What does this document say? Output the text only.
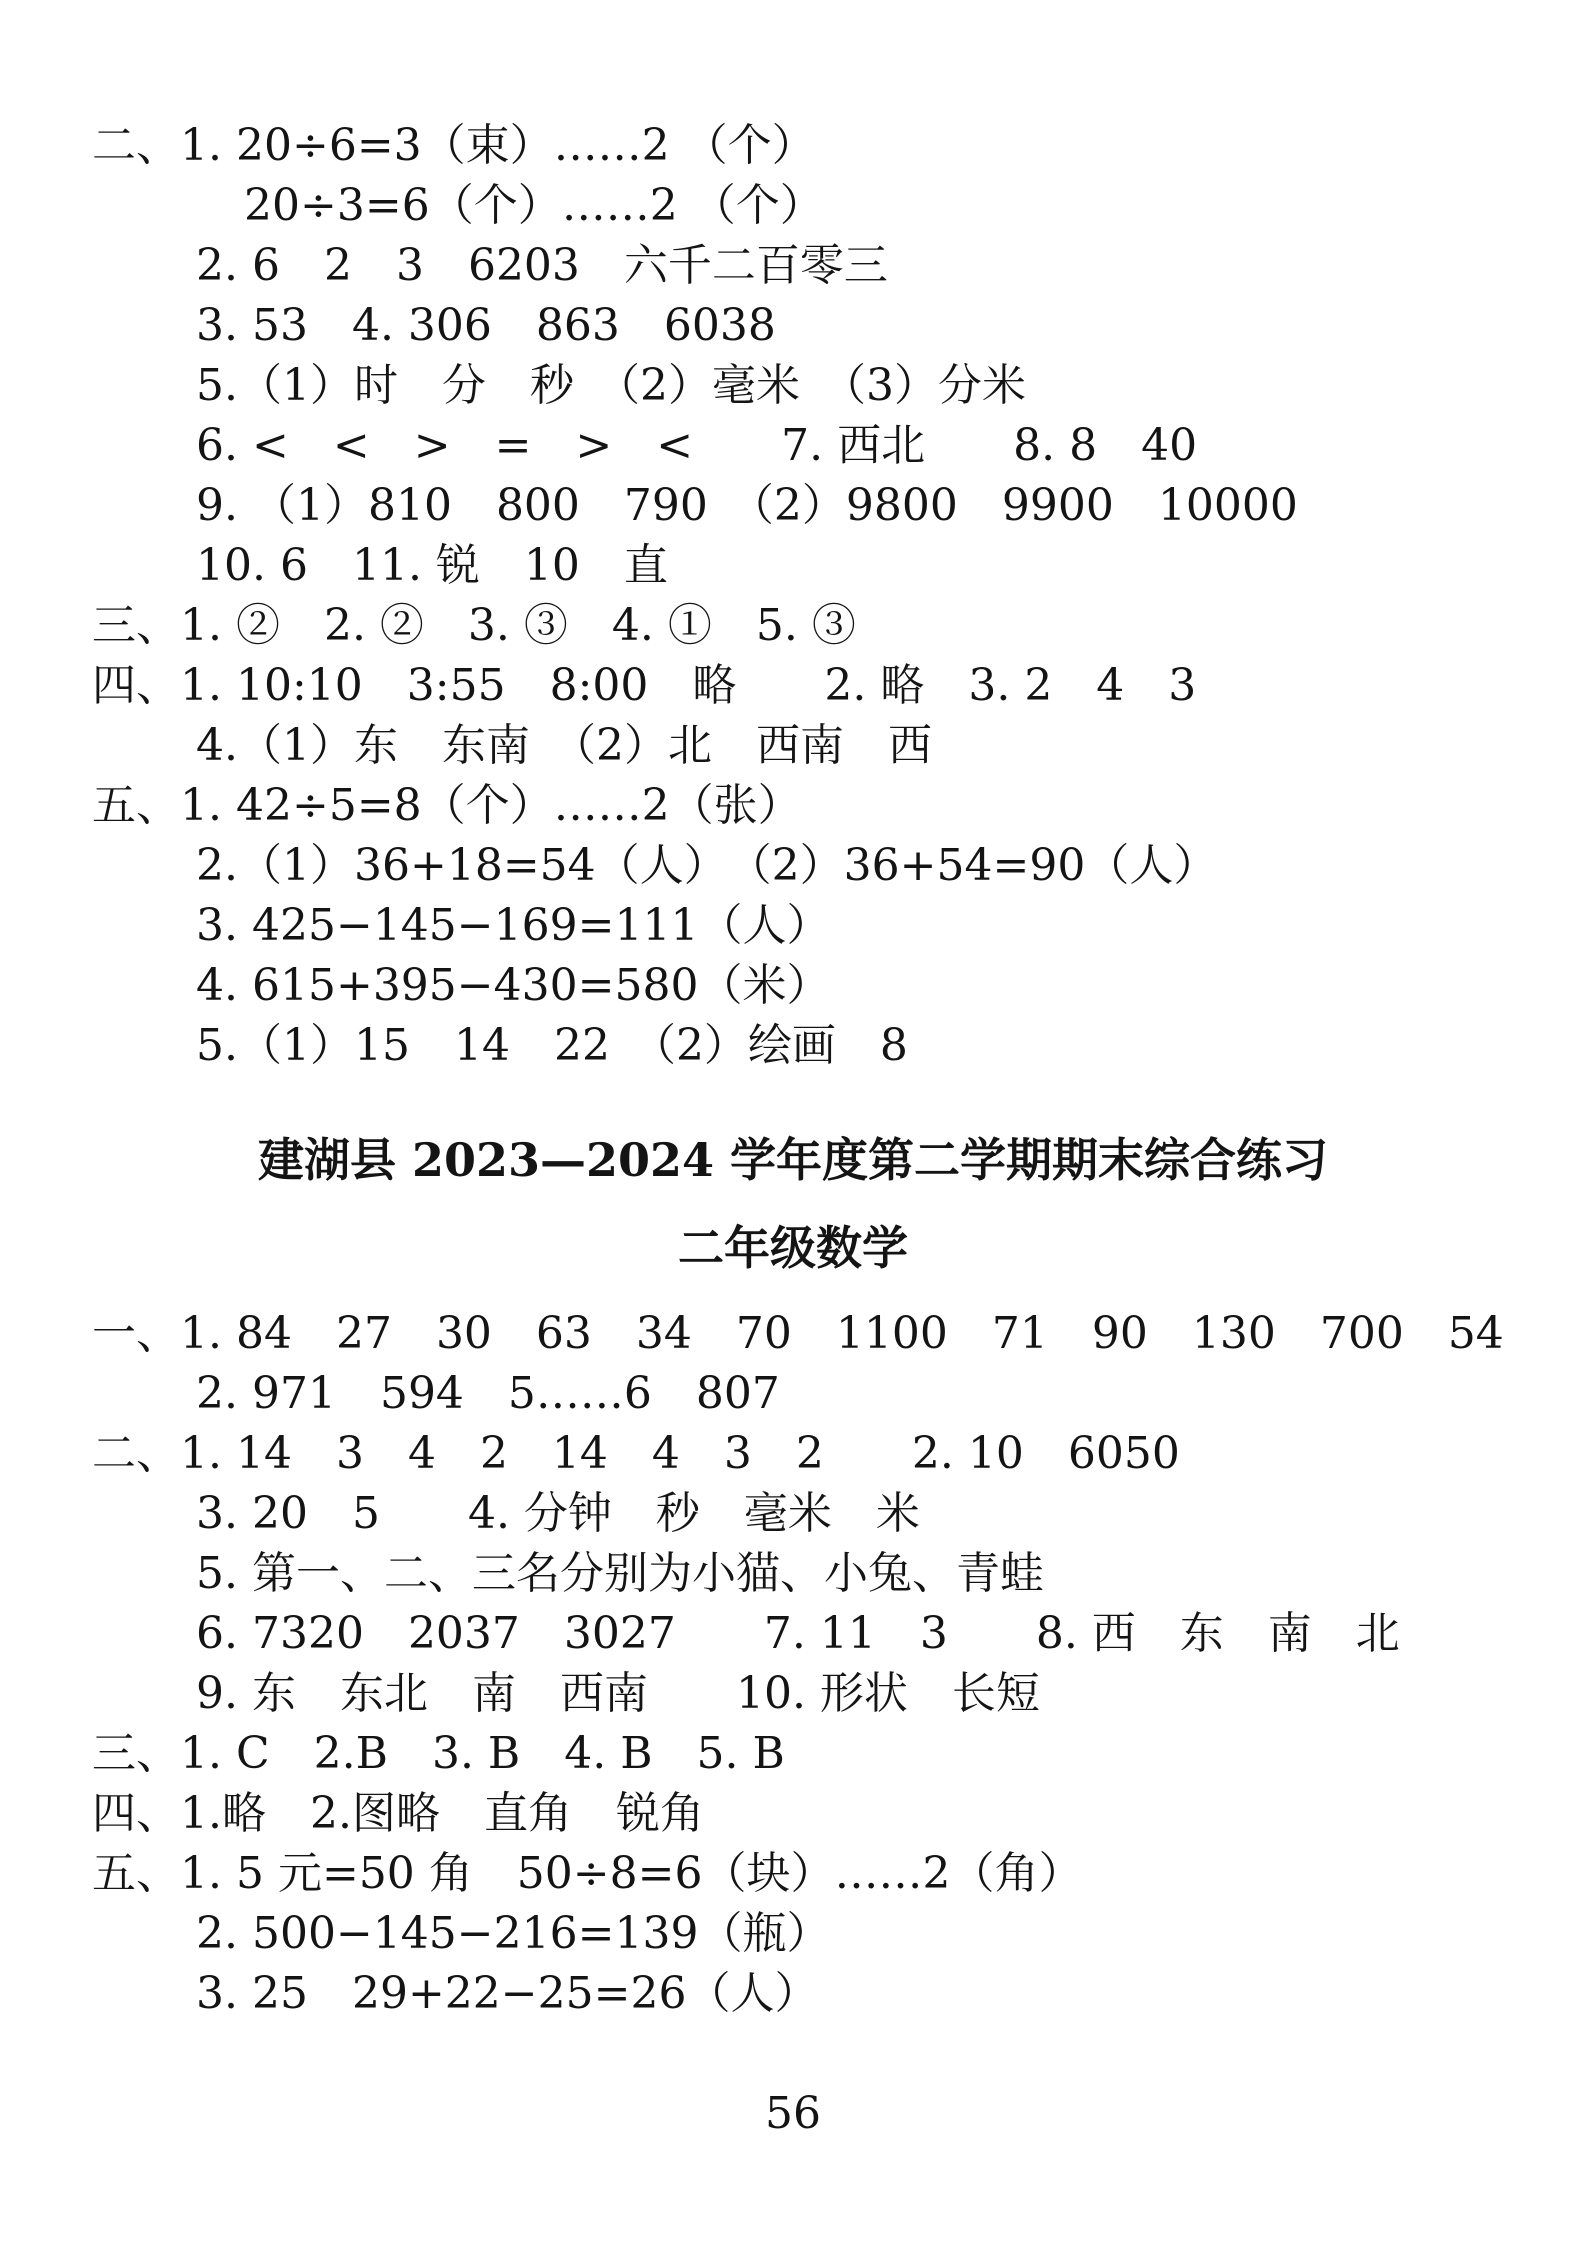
二、1. 20÷6=3（束）……2 （个）
20÷3=6（个）……2 （个）
2. 6　2　3　6203　六千二百零三
3. 53　4. 306　863　6038
5.（1）时　分　秒　（2）毫米　（3）分米
6. <　<　>　=　>　<　　7. 西北　　8. 8　40
9. （1）810　800　790　（2）9800　9900　10000
10. 6　11. 锐　10　直
三、1. ②　2. ②　3. ③　4. ①　5. ③
四、1. 10:10　3:55　8:00　略　　2. 略　3. 2　4　3
4.（1）东　东南　（2）北　西南　西
五、1. 42÷5=8（个）……2（张）
2.（1）36+18=54（人）　（2）36+54=90（人）
3. 425−145−169=111（人）
4. 615+395−430=580（米）
5.（1）15　14　22　（2）绘画　8
建湖县 2023—2024 学年度第二学期期末综合练习
二年级数学
一、1. 84　27　30　63　34　70　1100　71　90　130　700　54
2. 971　594　5……6　807
二、1. 14　3　4　2　14　4　3　2　　2. 10　6050
3. 20　5　　4. 分钟　秒　毫米　米
5. 第一、二、三名分别为小猫、小兔、青蛙
6. 7320　2037　3027　　7. 11　3　　8. 西　东　南　北
9. 东　东北　南　西南　　10. 形状　长短
三、1. C　2.B　3. B　4. B　5. B
四、1.略　2.图略　直角　锐角
五、1. 5 元=50 角　50÷8=6（块）……2（角）
2. 500−145−216=139（瓶）
3. 25　29+22−25=26（人）
56
